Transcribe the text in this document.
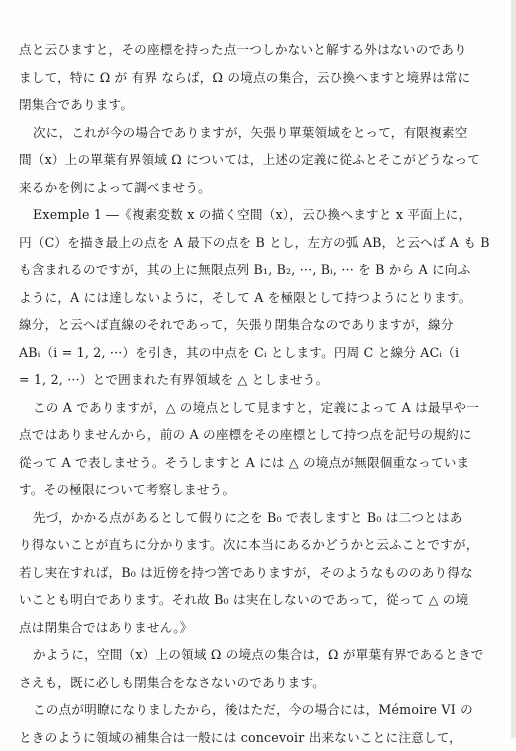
点と云ひますと，その座標を持った点一つしかないと解する外はないのであり
まして，特に Ω が 有界 ならば，Ω の境点の集合，云ひ換へますと境界は常に
閉集合であります。
次に，これが今の場合でありますが，矢張り單葉領域をとって，有限複素空
間（x）上の單葉有界領域 Ω については，上述の定義に從ふとそこがどうなって
来るかを例によって調べませう。
Exemple 1 ―《複素変数 x の描く空間（x），云ひ換へますと x 平面上に，
円（C）を描き最上の点を A 最下の点を B とし，左方の弧 AB，と云へば A も B
も含まれるのですが，其の上に無限点列 B₁, B₂, ···, Bᵢ, ··· を B から A に向ふ
ように，A には達しないように，そして A を極限として持つようにとります。
線分，と云へば直線のそれであって，矢張り閉集合なのでありますが，線分
ABᵢ（i = 1, 2, ···）を引き，其の中点を Cᵢ とします。円周 C と線分 ACᵢ（i
= 1, 2, ···）とで囲まれた有界領域を △ としませう。
この A でありますが，△ の境点として見ますと，定義によって A は最早や一
点ではありませんから，前の A の座標をその座標として持つ点を記号の規約に
從って A で表しませう。そうしますと A には △ の境点が無限個重なっていま
す。その極限について考察しませう。
先づ，かかる点があるとして假りに之を B₀ で表しますと B₀ は二つとはあ
り得ないことが直ちに分かります。次に本当にあるかどうかと云ふことですが，
若し実在すれば，B₀ は近傍を持つ筈でありますが，そのようなもののあり得な
いことも明白であります。それ故 B₀ は実在しないのであって，從って △ の境
点は閉集合ではありません。》
かように，空間（x）上の領域 Ω の境点の集合は，Ω が單葉有界であるときで
さえも，既に必しも閉集合をなさないのであります。
この点が明瞭になりましたから，後はただ，今の場合には，Mémoire VI の
ときのように領域の補集合は一般には concevoir 出来ないことに注意して，
